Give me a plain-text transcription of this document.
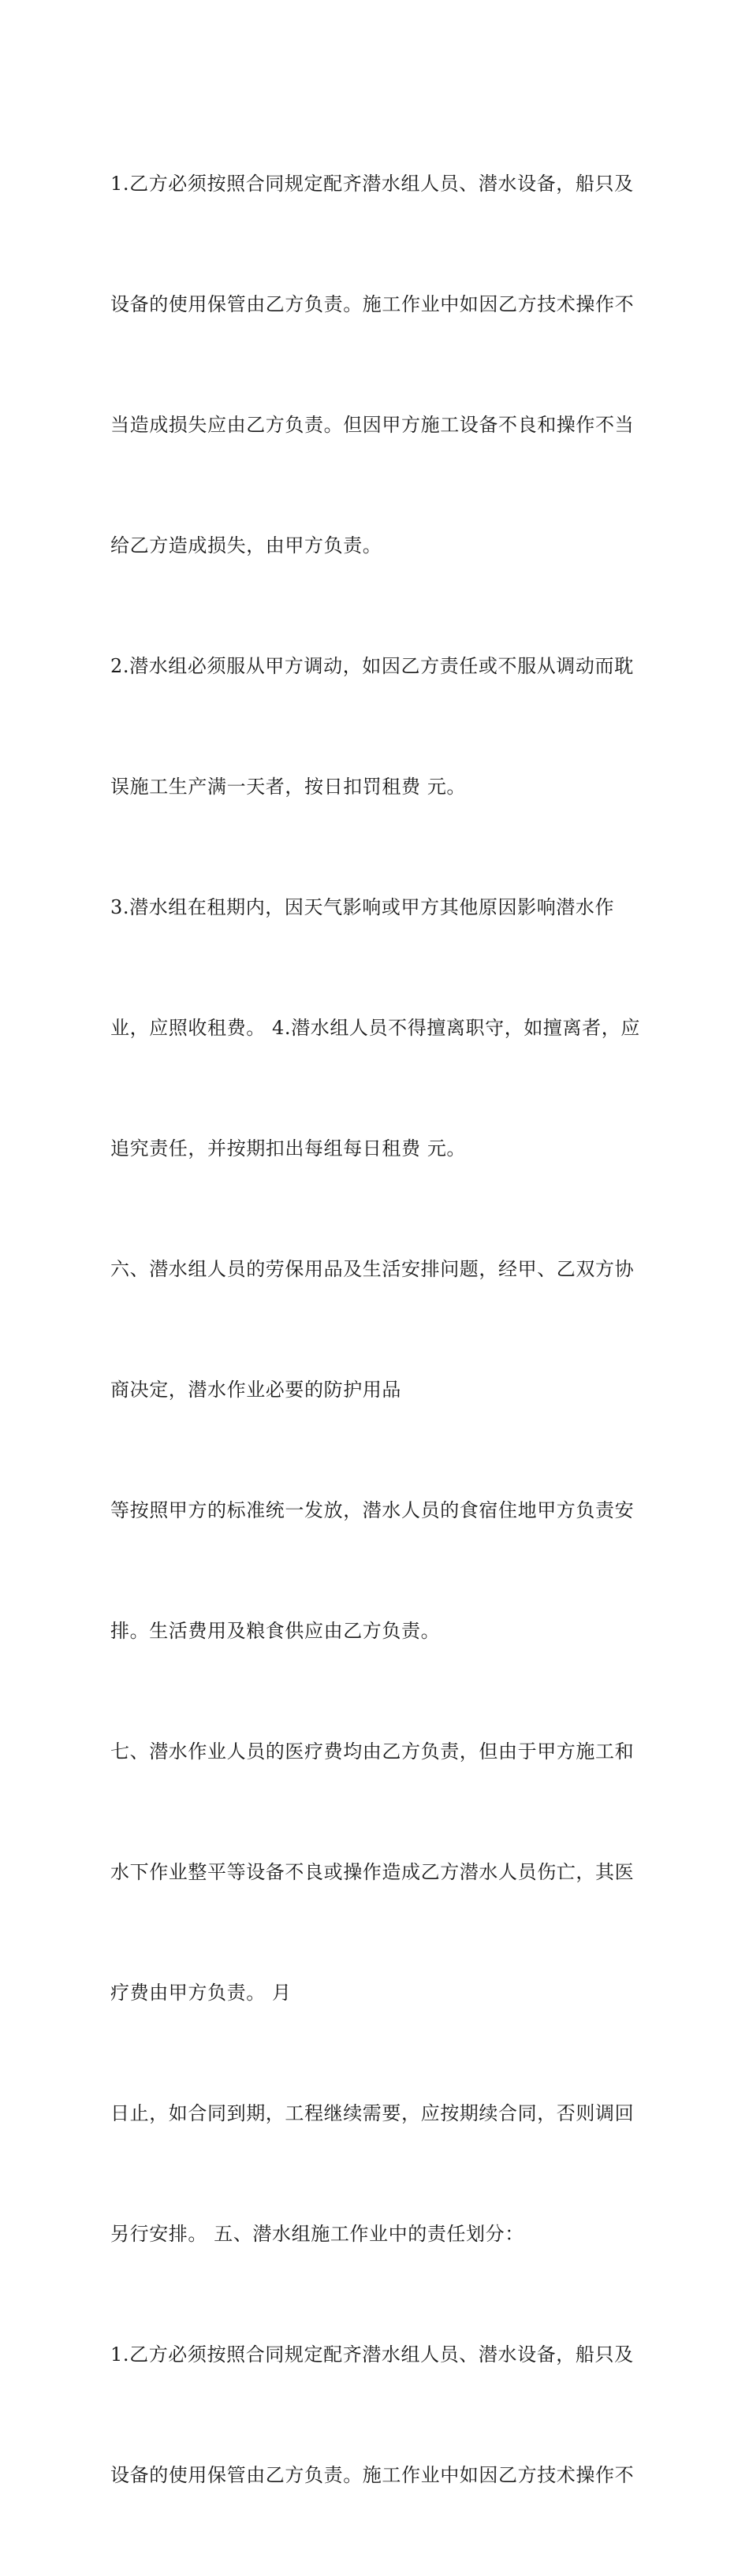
1.乙方必须按照合同规定配齐潜水组人员、潜水设备，船只及

设备的使用保管由乙方负责。施工作业中如因乙方技术操作不

当造成损失应由乙方负责。但因甲方施工设备不良和操作不当

给乙方造成损失，由甲方负责。

2.潜水组必须服从甲方调动，如因乙方责任或不服从调动而耽

误施工生产满一天者，按日扣罚租费 元。

3.潜水组在租期内，因天气影响或甲方其他原因影响潜水作

业，应照收租费。 4.潜水组人员不得擅离职守，如擅离者，应

追究责任，并按期扣出每组每日租费 元。

六、潜水组人员的劳保用品及生活安排问题，经甲、乙双方协

商决定，潜水作业必要的防护用品

等按照甲方的标准统一发放，潜水人员的食宿住地甲方负责安

排。生活费用及粮食供应由乙方负责。

七、潜水作业人员的医疗费均由乙方负责，但由于甲方施工和

水下作业整平等设备不良或操作造成乙方潜水人员伤亡，其医

疗费由甲方负责。 月

日止，如合同到期，工程继续需要，应按期续合同，否则调回

另行安排。 五、潜水组施工作业中的责任划分：

1.乙方必须按照合同规定配齐潜水组人员、潜水设备，船只及

设备的使用保管由乙方负责。施工作业中如因乙方技术操作不
